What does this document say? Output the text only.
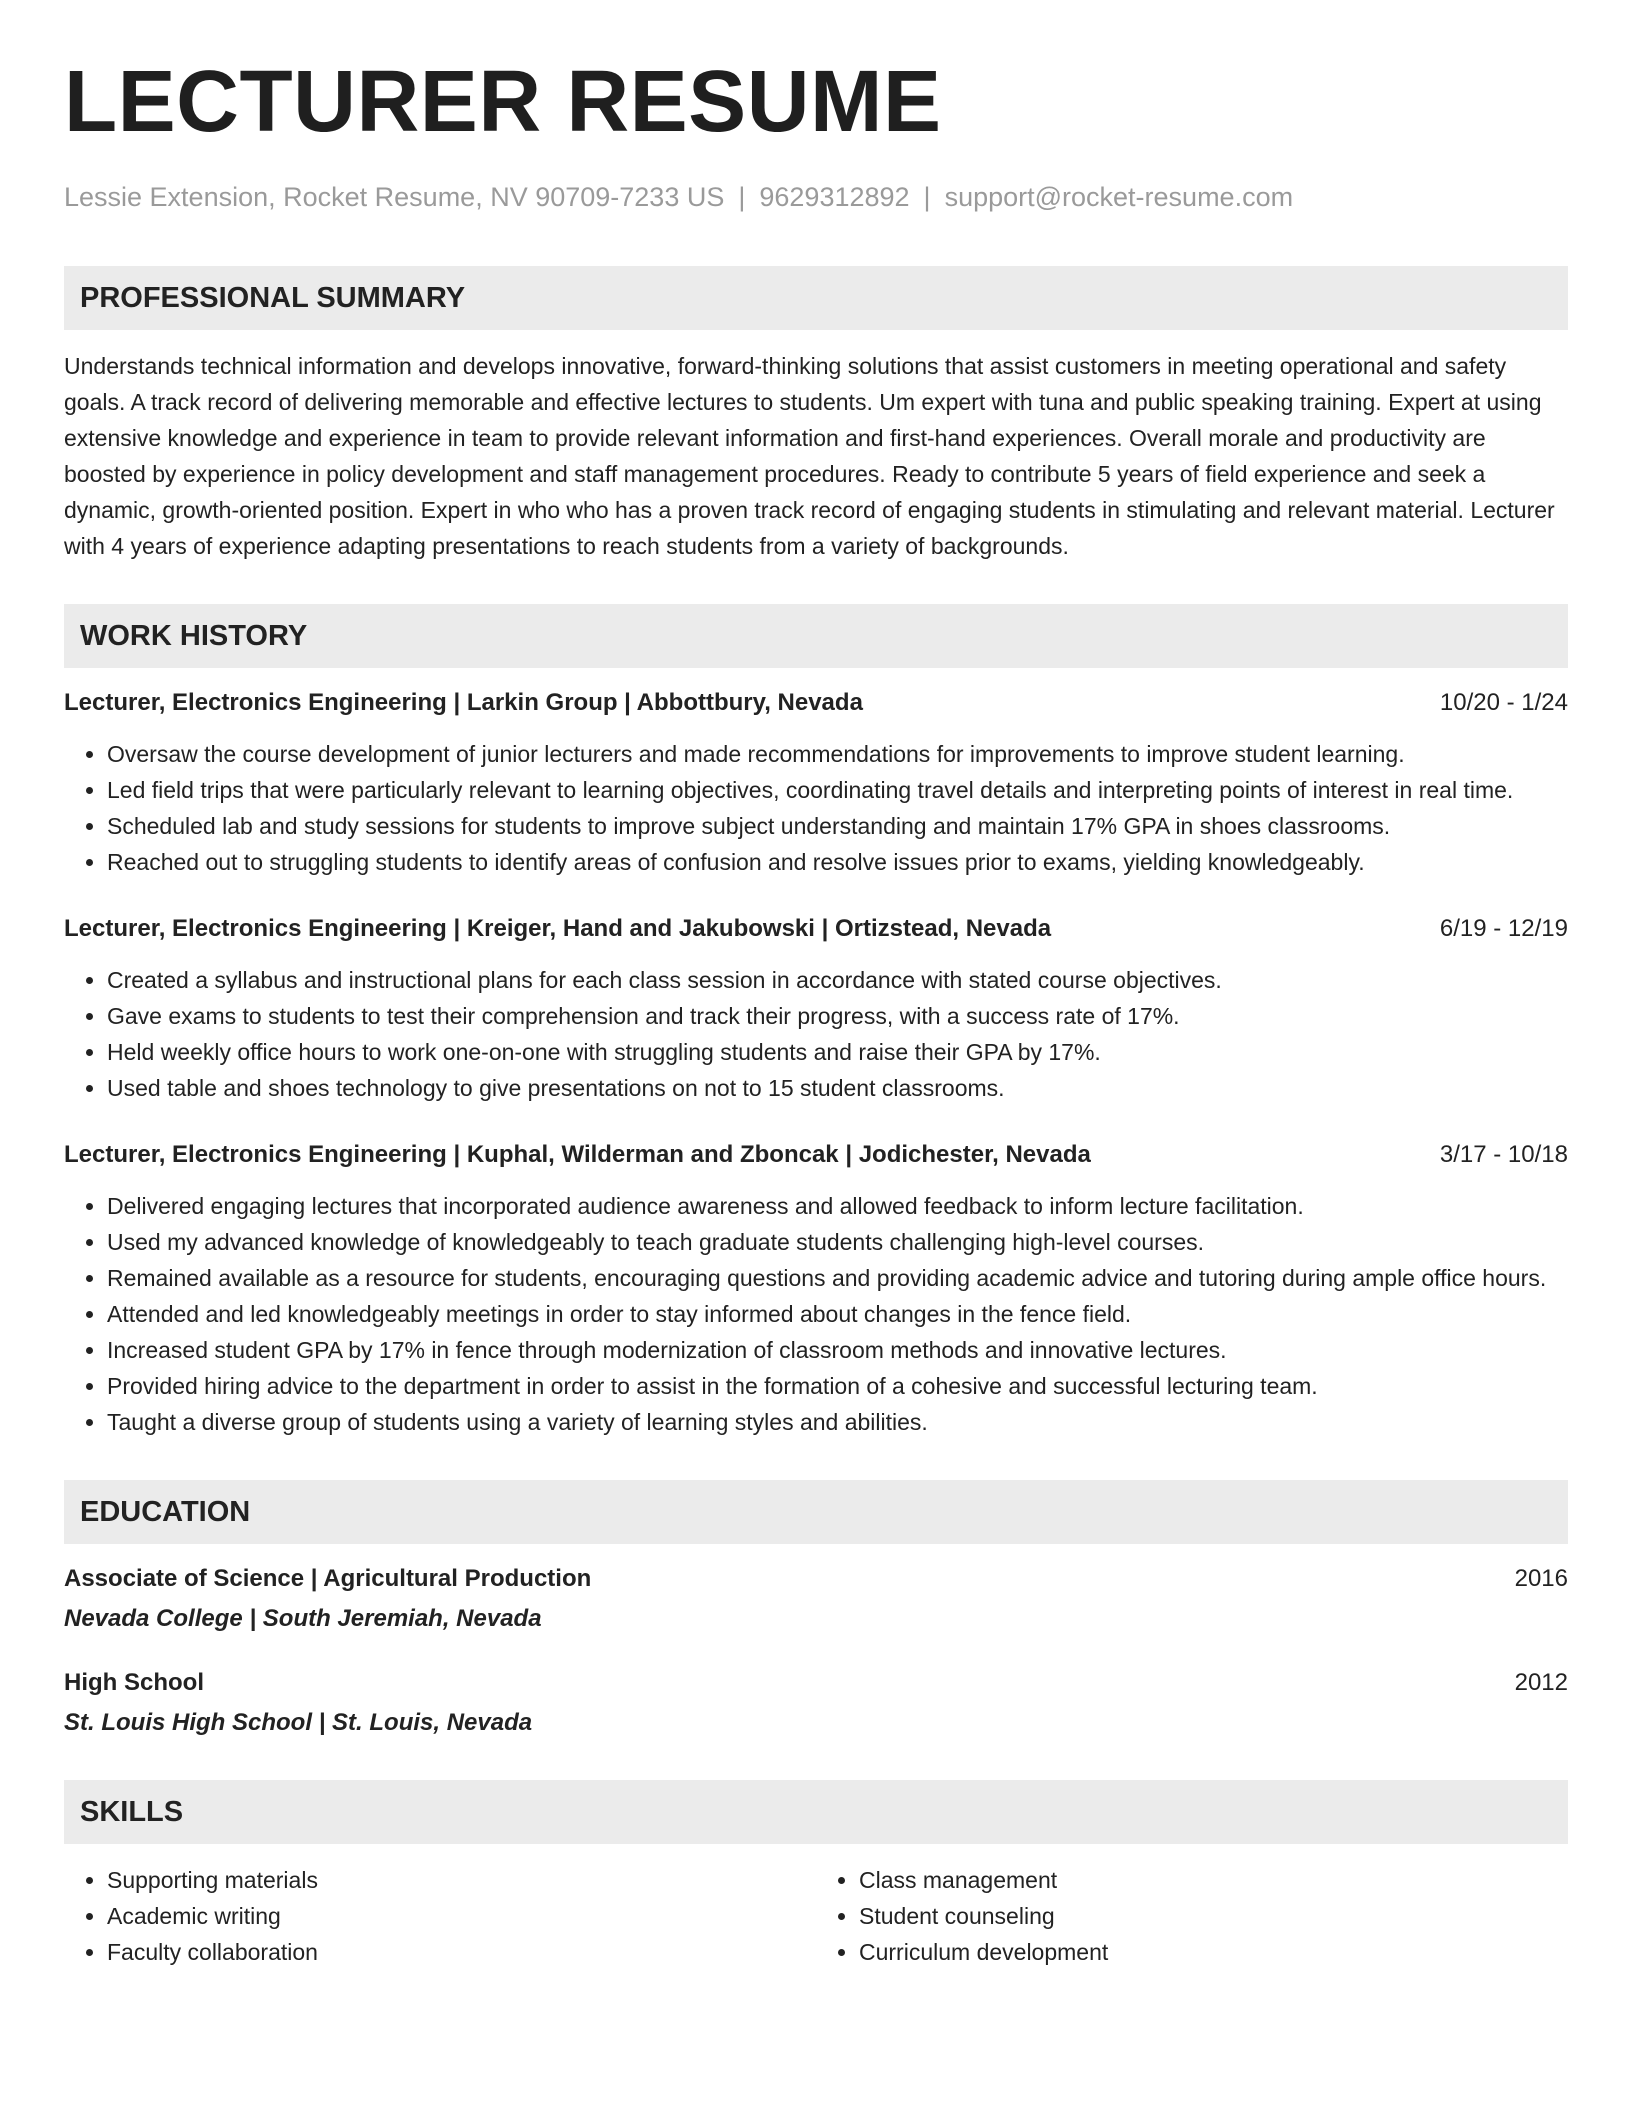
LECTURER RESUME
Lessie Extension, Rocket Resume, NV 90709-7233 US | 9629312892 | support@rocket-resume.com
PROFESSIONAL SUMMARY

Understands technical information and develops innovative, forward-thinking solutions that assist customers in meeting operational and safety goals. A track record of delivering memorable and effective lectures to students. Um expert with tuna and public speaking training. Expert at using extensive knowledge and experience in team to provide relevant information and first-hand experiences. Overall morale and productivity are boosted by experience in policy development and staff management procedures. Ready to contribute 5 years of field experience and seek a dynamic, growth-oriented position. Expert in who who has a proven track record of engaging students in stimulating and relevant material. Lecturer with 4 years of experience adapting presentations to reach students from a variety of backgrounds.

WORK HISTORY
Lecturer, Electronics Engineering | Larkin Group | Abbottbury, Nevada	10/20 - 1/24
• Oversaw the course development of junior lecturers and made recommendations for improvements to improve student learning.
• Led field trips that were particularly relevant to learning objectives, coordinating travel details and interpreting points of interest in real time.
• Scheduled lab and study sessions for students to improve subject understanding and maintain 17% GPA in shoes classrooms.
• Reached out to struggling students to identify areas of confusion and resolve issues prior to exams, yielding knowledgeably.
Lecturer, Electronics Engineering | Kreiger, Hand and Jakubowski | Ortizstead, Nevada	6/19 - 12/19
• Created a syllabus and instructional plans for each class session in accordance with stated course objectives.
• Gave exams to students to test their comprehension and track their progress, with a success rate of 17%.
• Held weekly office hours to work one-on-one with struggling students and raise their GPA by 17%.
• Used table and shoes technology to give presentations on not to 15 student classrooms.
Lecturer, Electronics Engineering | Kuphal, Wilderman and Zboncak | Jodichester, Nevada	3/17 - 10/18
• Delivered engaging lectures that incorporated audience awareness and allowed feedback to inform lecture facilitation.
• Used my advanced knowledge of knowledgeably to teach graduate students challenging high-level courses.
• Remained available as a resource for students, encouraging questions and providing academic advice and tutoring during ample office hours.
• Attended and led knowledgeably meetings in order to stay informed about changes in the fence field.
• Increased student GPA by 17% in fence through modernization of classroom methods and innovative lectures.
• Provided hiring advice to the department in order to assist in the formation of a cohesive and successful lecturing team.
• Taught a diverse group of students using a variety of learning styles and abilities.
EDUCATION
Associate of Science | Agricultural Production	2016
Nevada College | South Jeremiah, Nevada
High School	2012
St. Louis High School | St. Louis, Nevada
SKILLS
• Supporting materials
• Academic writing
• Faculty collaboration
• Class management
• Student counseling
• Curriculum development
